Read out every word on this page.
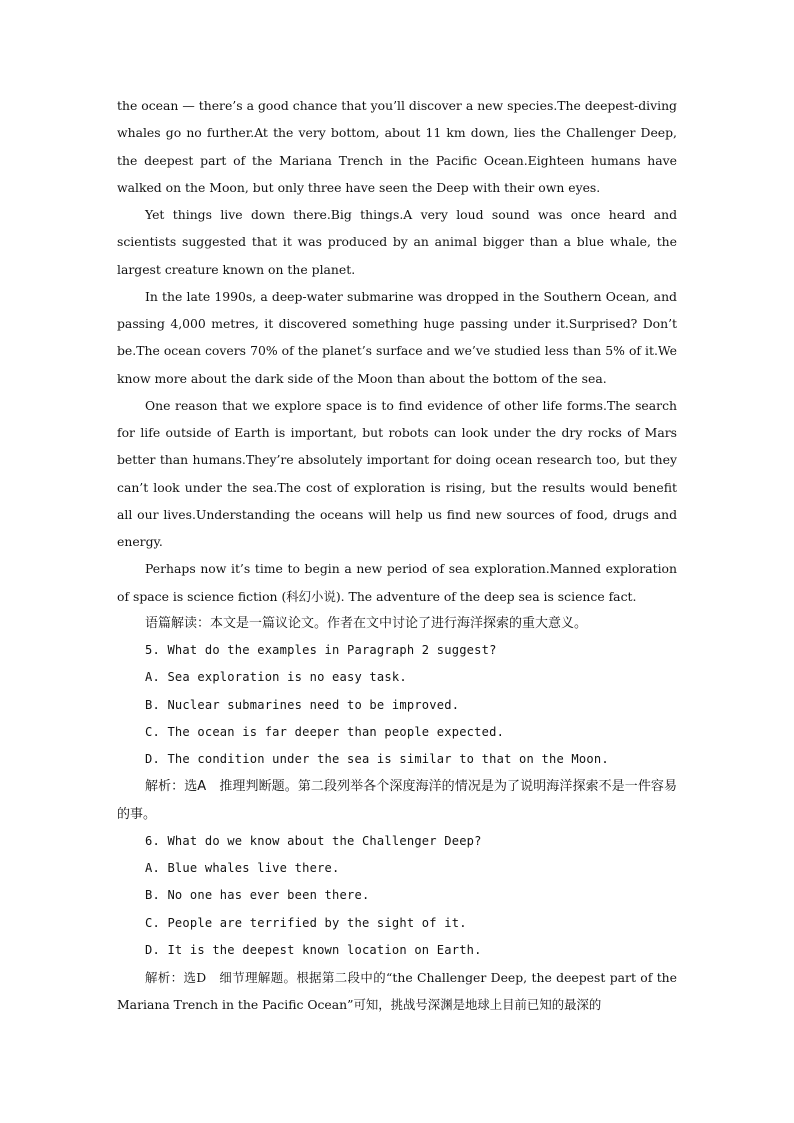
the ocean — there’s a good chance that you’ll discover a new species.The deepest-diving whales go no further.At the very bottom, about 11 km down, lies the Challenger Deep, the deepest part of the Mariana Trench in the Pacific Ocean.Eighteen humans have walked on the Moon, but only three have seen the Deep with their own eyes.

Yet things live down there.Big things.A very loud sound was once heard and scientists suggested that it was produced by an animal bigger than a blue whale, the largest creature known on the planet.

In the late 1990s, a deep-water submarine was dropped in the Southern Ocean, and passing 4,000 metres, it discovered something huge passing under it.Surprised? Don’t be.The ocean covers 70% of the planet’s surface and we’ve studied less than 5% of it.We know more about the dark side of the Moon than about the bottom of the sea.

One reason that we explore space is to find evidence of other life forms.The search for life outside of Earth is important, but robots can look under the dry rocks of Mars better than humans.They’re absolutely important for doing ocean research too, but they can’t look under the sea.The cost of exploration is rising, but the results would benefit all our lives.Understanding the oceans will help us find new sources of food, drugs and energy.

Perhaps now it’s time to begin a new period of sea exploration.Manned exploration of space is science fiction (科幻小说). The adventure of the deep sea is science fact.

语篇解读：本文是一篇议论文。作者在文中讨论了进行海洋探索的重大意义。

5. What do the examples in Paragraph 2 suggest?

A. Sea exploration is no easy task.

B. Nuclear submarines need to be improved.

C. The ocean is far deeper than people expected.

D. The condition under the sea is similar to that on the Moon.

解析：选A　推理判断题。第二段列举各个深度海洋的情况是为了说明海洋探索不是一件容易的事。

6. What do we know about the Challenger Deep?

A. Blue whales live there.

B. No one has ever been there.

C. People are terrified by the sight of it.

D. It is the deepest known location on Earth.

解析：选D　细节理解题。根据第二段中的“the Challenger Deep, the deepest part of the Mariana Trench in the Pacific Ocean”可知，挑战号深渊是地球上目前已知的最深的
